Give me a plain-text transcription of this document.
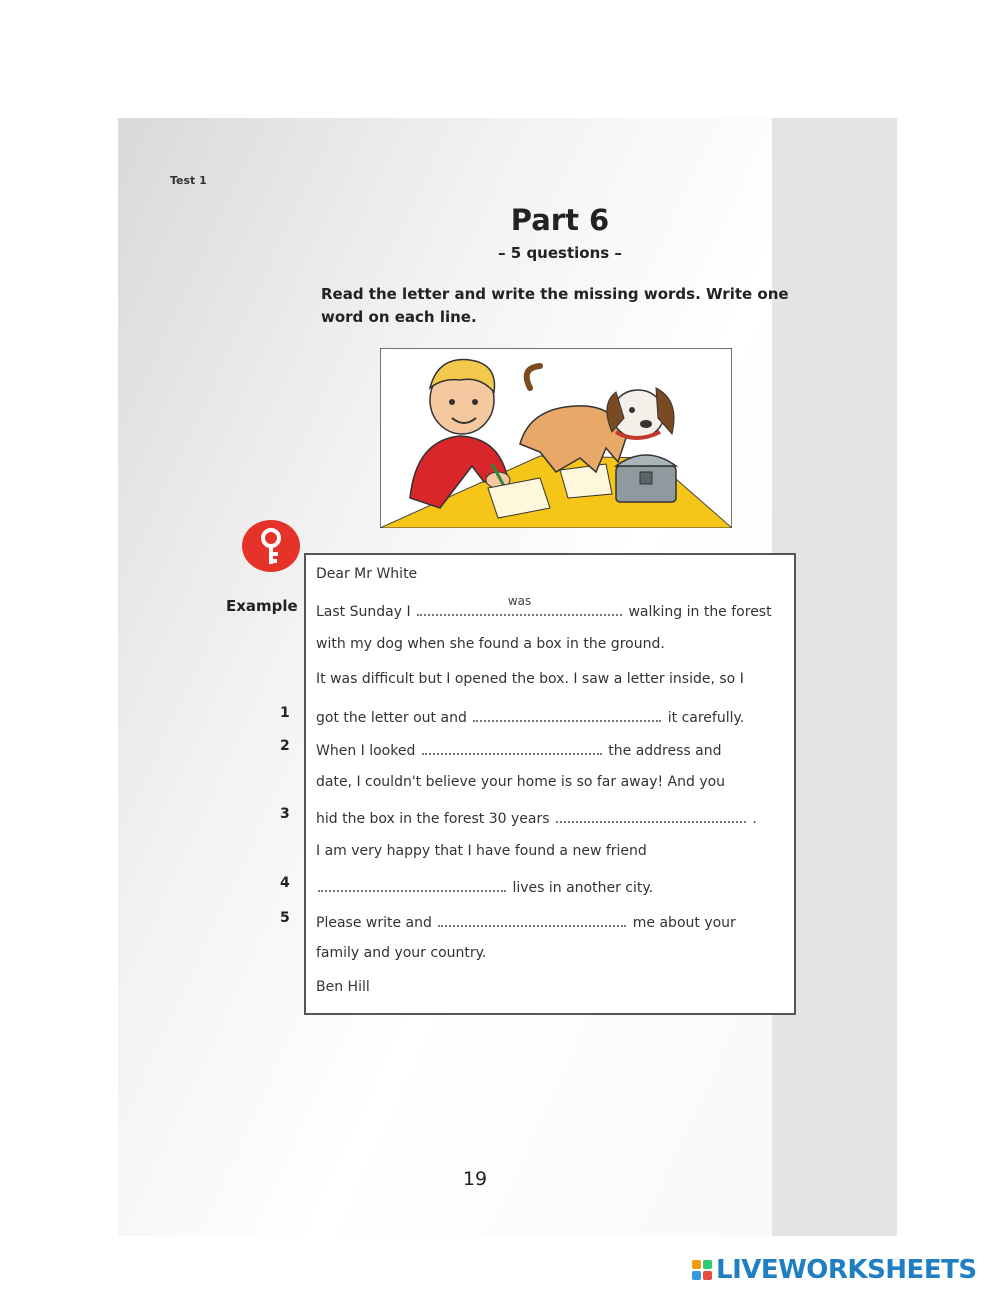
Test 1
Part 6
– 5 questions –
Read the letter and write the missing words. Write one word on each line.
Example
Dear Mr White
Last Sunday I
was
walking in the forest
with my dog when she found a box in the ground.
It was difficult but I opened the box. I saw a letter inside, so I
1 got the letter out and	it carefully.
2 When I looked	the address and
date, I couldn't believe your home is so far away! And you
3 hid the box in the forest 30 years	.
I am very happy that I have found a new friend
4	lives in another city.
5 Please write and	me about your
family and your country.
Ben Hill
19
LIVEWORKSHEETS
